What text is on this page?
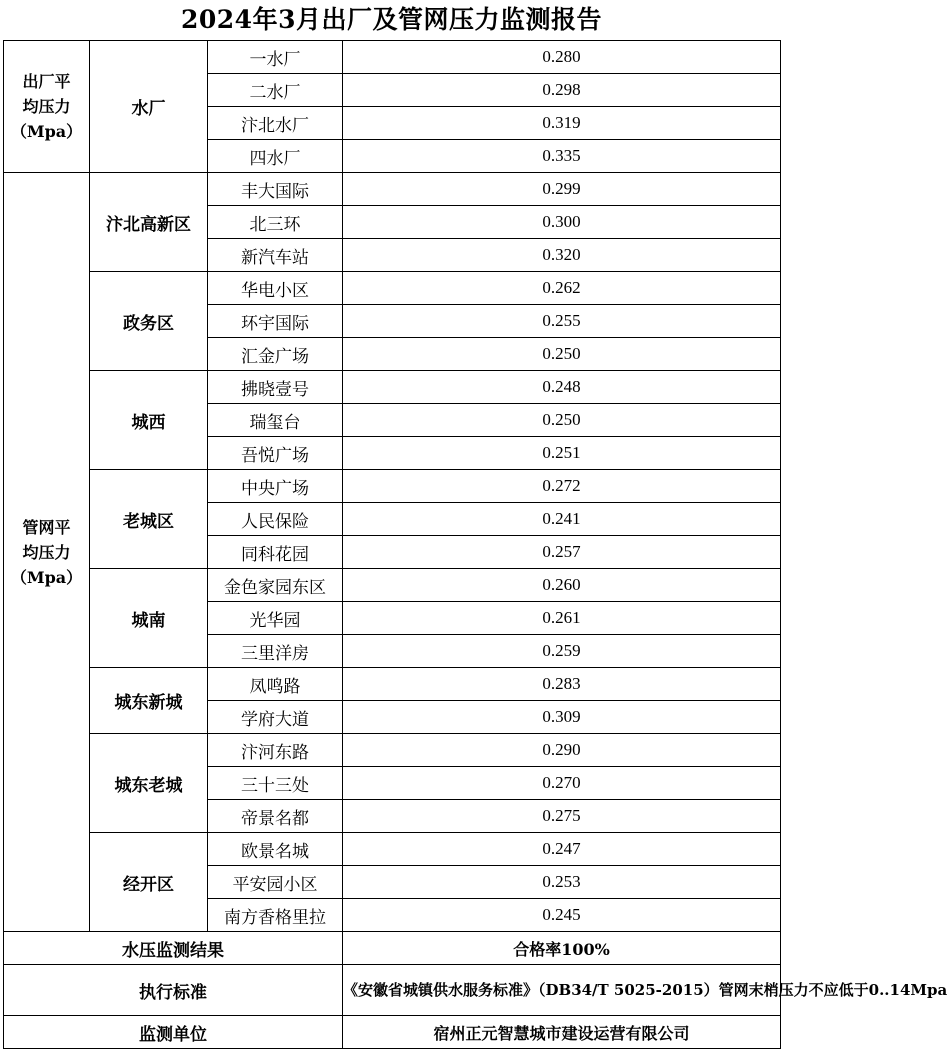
2024年3月出厂及管网压力监测报告
出厂平
均压力
（Mpa）	水厂	一水厂	0.280
		二水厂	0.298
		汴北水厂	0.319
		四水厂	0.335

管网平
均压力
（Mpa）	汴北高新区	丰大国际	0.299
		北三环	0.300
		新汽车站	0.320
	政务区	华电小区	0.262
		环宇国际	0.255
		汇金广场	0.250
	城西	拂晓壹号	0.248
		瑞玺台	0.250
		吾悦广场	0.251
	老城区	中央广场	0.272
		人民保险	0.241
		同科花园	0.257
	城南	金色家园东区	0.260
		光华园	0.261
		三里洋房	0.259
	城东新城	凤鸣路	0.283
		学府大道	0.309
	城东老城	汴河东路	0.290
		三十三处	0.270
		帝景名都	0.275
	经开区	欧景名城	0.247
		平安园小区	0.253
		南方香格里拉	0.245
水压监测结果			合格率100%
执行标准			《安徽省城镇供水服务标准》（DB34/T 5025-2015）管网末梢压力不应低于0..14Mpa
监测单位			宿州正元智慧城市建设运营有限公司
